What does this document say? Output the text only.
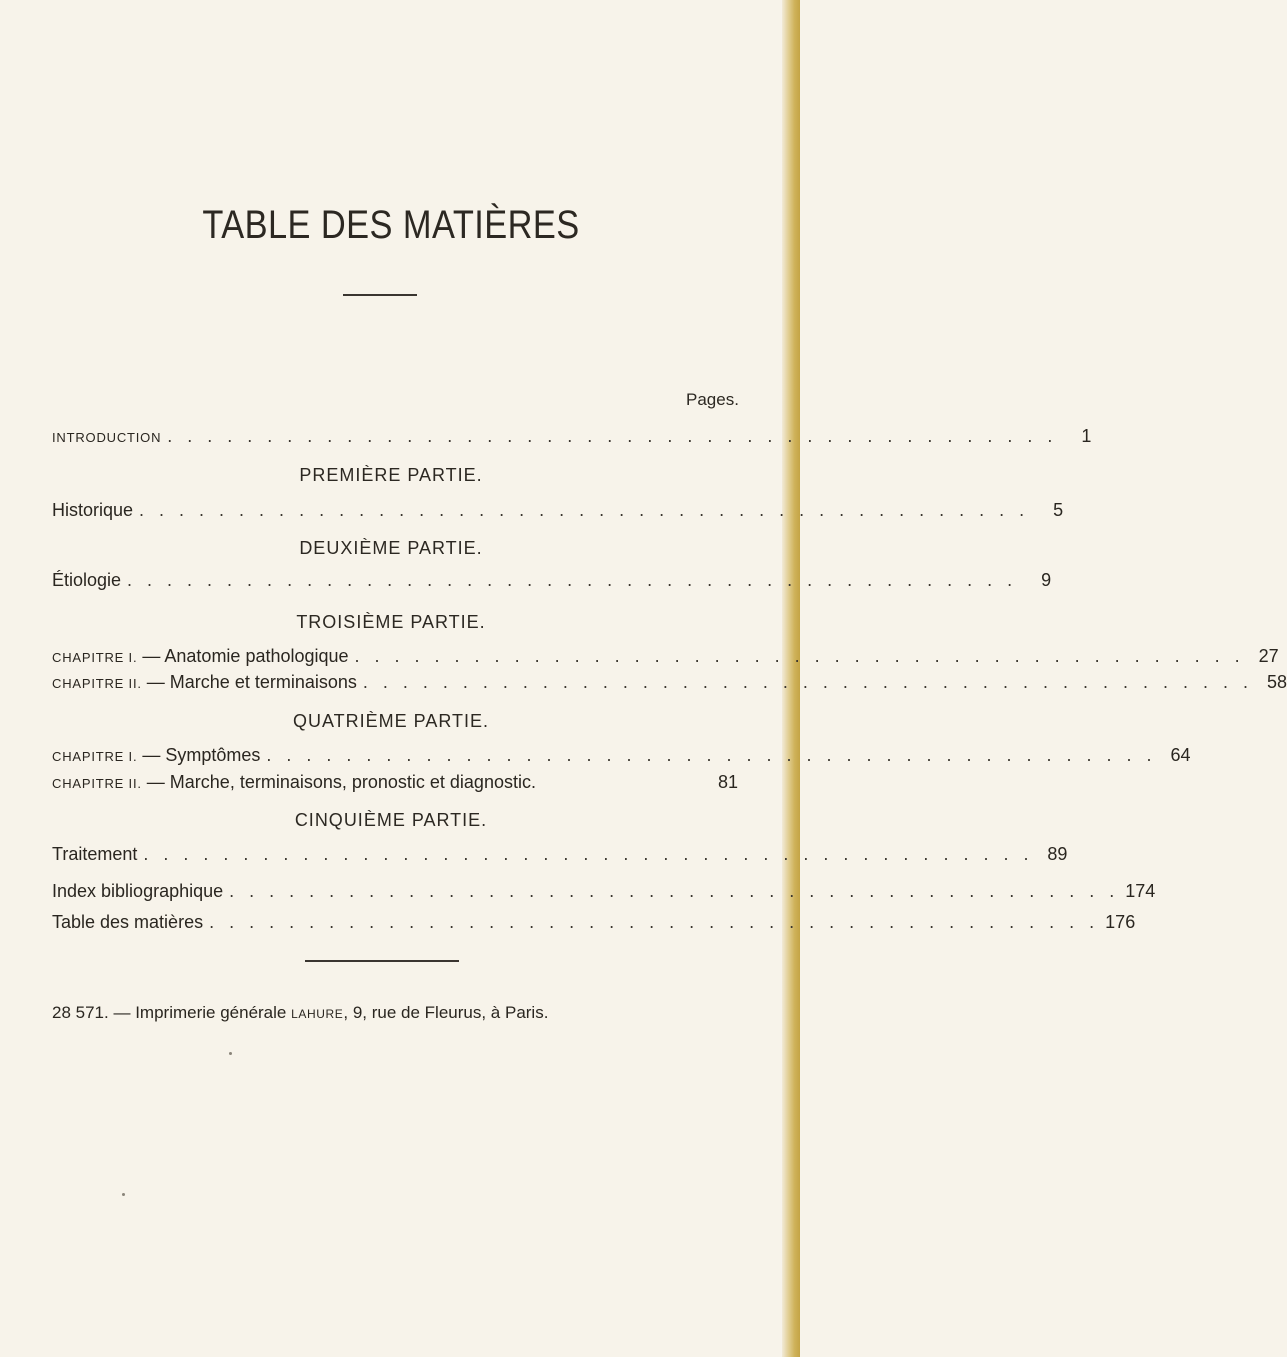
TABLE DES MATIÈRES
Pages.
INTRODUCTION . . . . . . . . . . . . . . . . . . . . . . . . . . . . . . . . . . . . . . . . . . . . .	1
PREMIÈRE PARTIE.
Historique . . . . . . . . . . . . . . . . . . . . . . . . . . . . . . . . . . . . . . . . . . . . .	5
DEUXIÈME PARTIE.
Étiologie . . . . . . . . . . . . . . . . . . . . . . . . . . . . . . . . . . . . . . . . . . . . .	9
TROISIÈME PARTIE.
CHAPITRE I. — Anatomie pathologique . . . . . . . . . . . . . . . . . . . . . . . . . . . . . . . . . . . . . . . . . . . . . 27
CHAPITRE II. — Marche et terminaisons . . . . . . . . . . . . . . . . . . . . . . . . . . . . . . . . . . . . . . . . . . . . . 58
QUATRIÈME PARTIE.
CHAPITRE I. — Symptômes . . . . . . . . . . . . . . . . . . . . . . . . . . . . . . . . . . . . . . . . . . . . . 64
CHAPITRE II. — Marche, terminaisons, pronostic et diagnostic.	81
CINQUIÈME PARTIE.
Traitement . . . . . . . . . . . . . . . . . . . . . . . . . . . . . . . . . . . . . . . . . . . . . 89
Index bibliographique . . . . . . . . . . . . . . . . . . . . . . . . . . . . . . . . . . . . . . . . . . . . . 174
Table des matières . . . . . . . . . . . . . . . . . . . . . . . . . . . . . . . . . . . . . . . . . . . . . 176
28 571. — Imprimerie générale LAHURE, 9, rue de Fleurus, à Paris.
